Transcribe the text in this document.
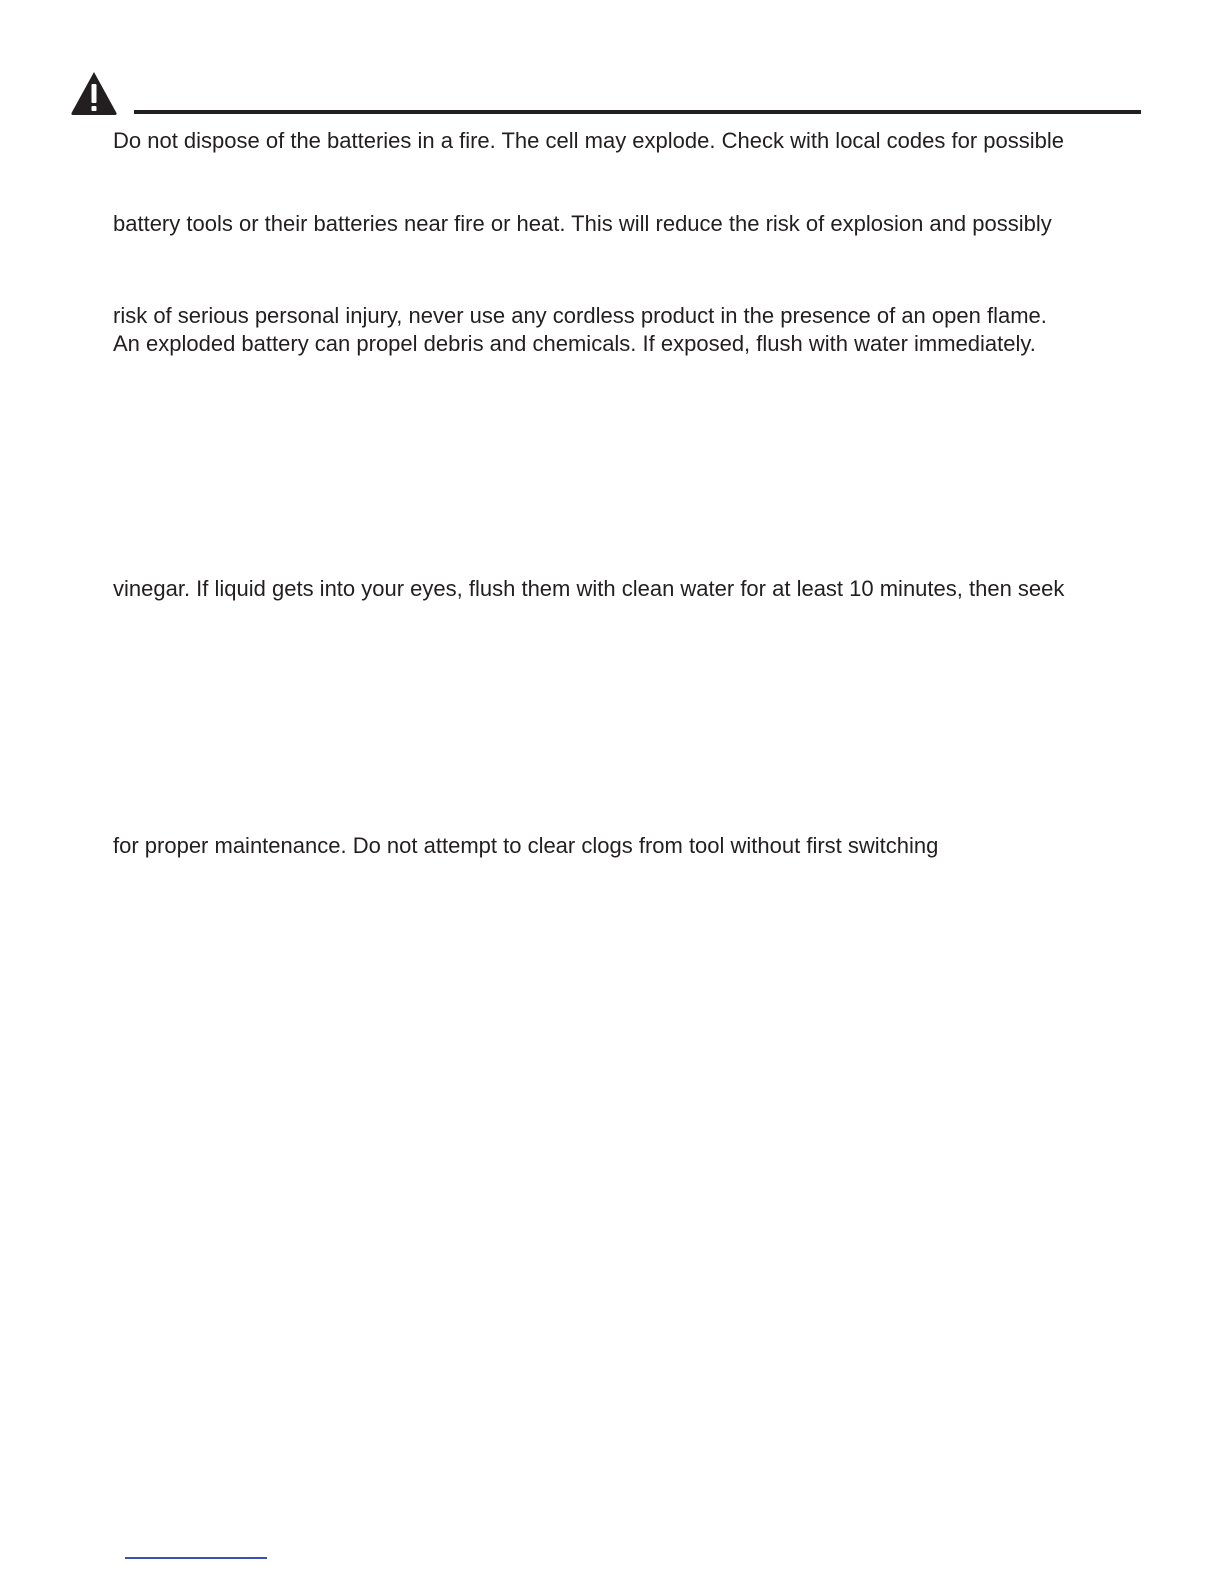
Do not dispose of the batteries in a fire. The cell may explode. Check with local codes for possible

battery tools or their batteries near fire or heat. This will reduce the risk of explosion and possibly

risk of serious personal injury, never use any cordless product in the presence of an open flame.

An exploded battery can propel debris and chemicals. If exposed, flush with water immediately.

vinegar. If liquid gets into your eyes, flush them with clean water for at least 10 minutes, then seek

for proper maintenance. Do not attempt to clear clogs from tool without first switching
